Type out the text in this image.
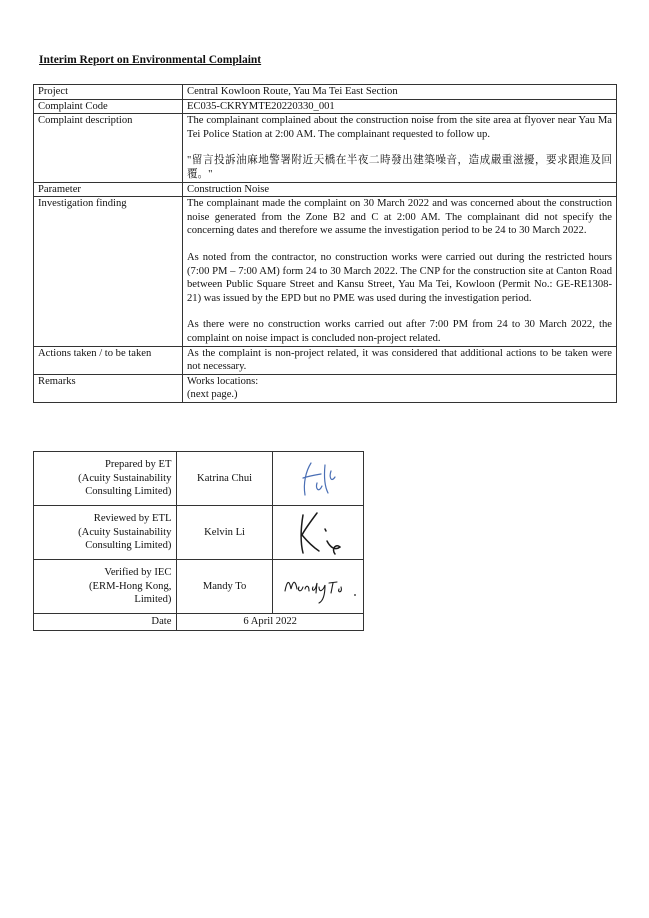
Interim Report on Environmental Complaint
Project	Central Kowloon Route, Yau Ma Tei East Section
Complaint Code	EC035-CKRYMTE20220330_001
Complaint description	The complainant complained about the construction noise from the site area at flyover near Yau Ma Tei Police Station at 2:00 AM. The complainant requested to follow up.

"留言投訴油麻地警署附近天橋在半夜二時發出建築噪音，造成嚴重滋擾，要求跟進及回覆。"

Parameter	Construction Noise
Investigation finding	The complainant made the complaint on 30 March 2022 and was concerned about the construction noise generated from the Zone B2 and C at 2:00 AM. The complainant did not specify the concerning dates and therefore we assume the investigation period to be 24 to 30 March 2022.

As noted from the contractor, no construction works were carried out during the restricted hours (7:00 PM – 7:00 AM) form 24 to 30 March 2022. The CNP for the construction site at Canton Road between Public Square Street and Kansu Street, Yau Ma Tei, Kowloon (Permit No.: GE-RE1308-21) was issued by the EPD but no PME was used during the investigation period.

As there were no construction works carried out after 7:00 PM from 24 to 30 March 2022, the complaint on noise impact is concluded non-project related.

Actions taken / to be taken	As the complaint is non-project related, it was considered that additional actions to be taken were not necessary.
Remarks	Works locations:
(next page.)
Prepared by ET
(Acuity Sustainability
Consulting Limited)	Katrina Chui	

Reviewed by ETL
(Acuity Sustainability
Consulting Limited)	Kelvin Li	

Verified by IEC
(ERM-Hong Kong,
Limited)	Mandy To	

Date	6 April 2022	
